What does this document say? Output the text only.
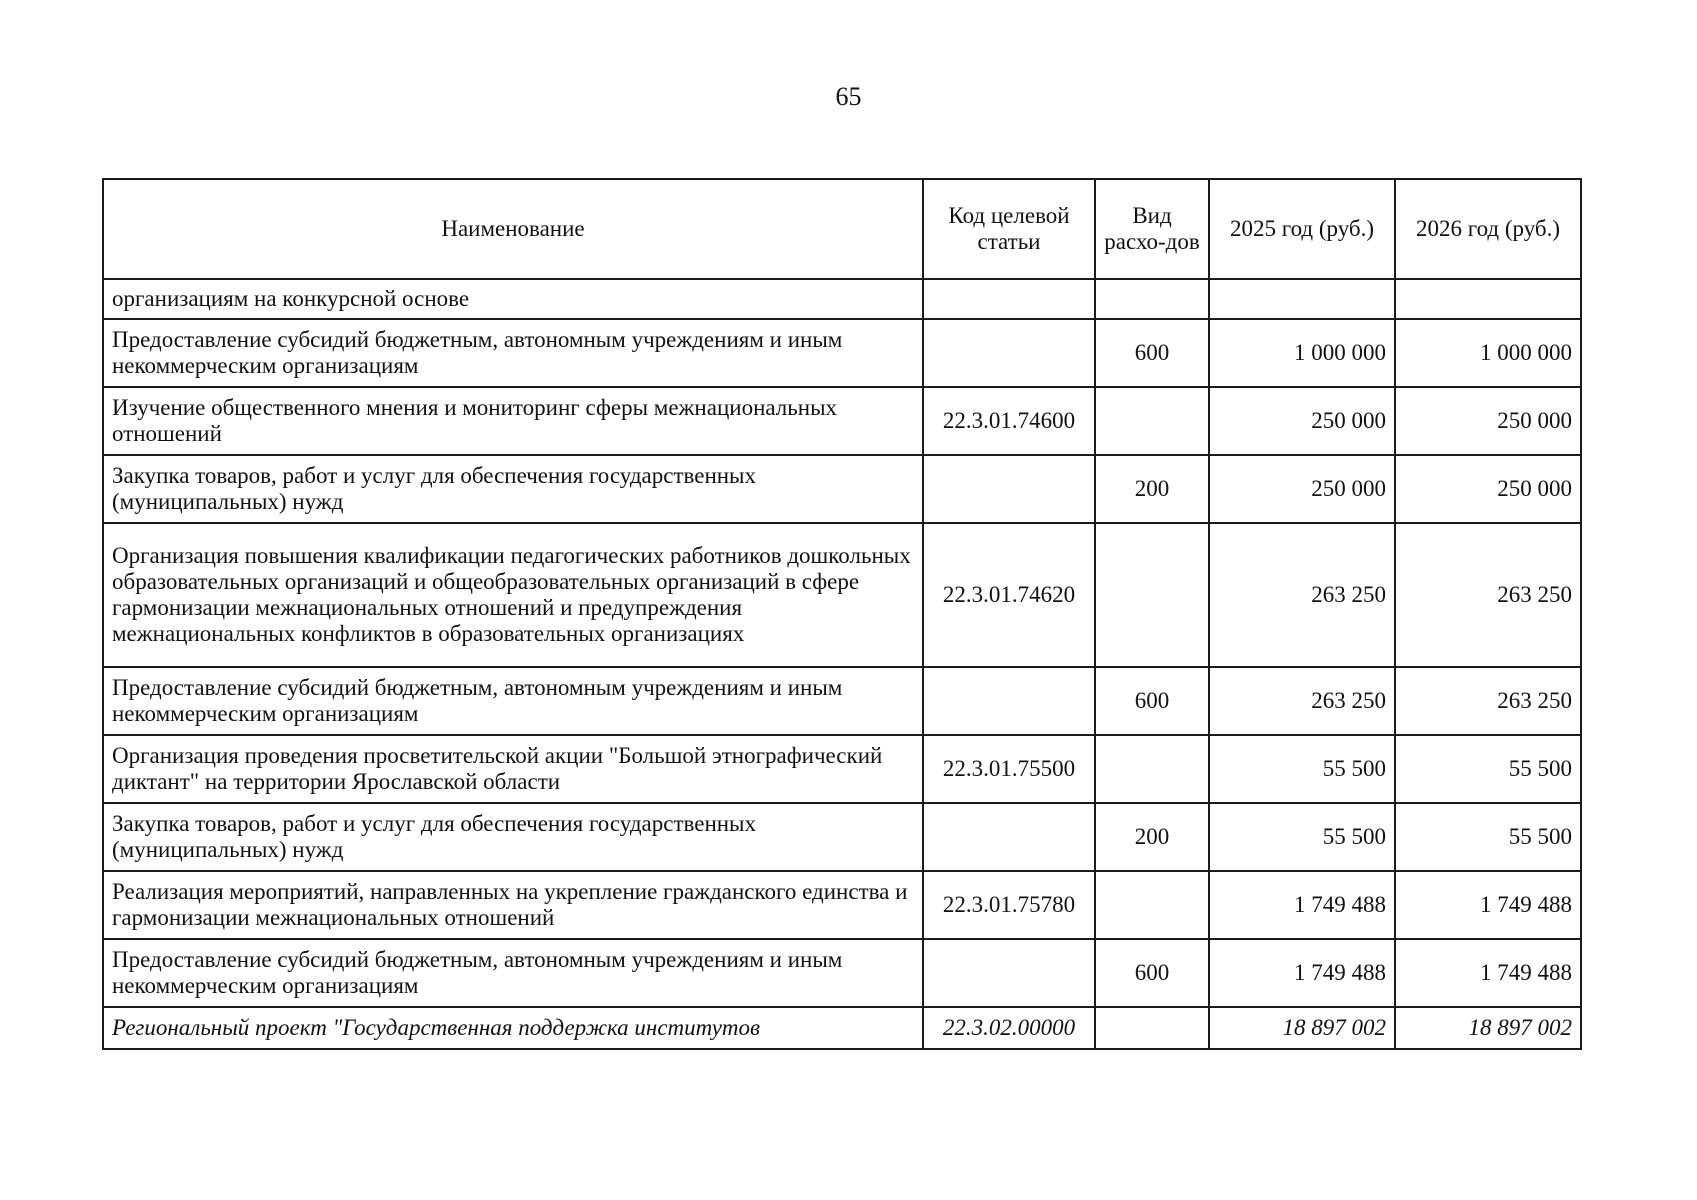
65
Наименование	Код целевой статьи	Вид расхо-дов	2025 год (руб.)	2026 год (руб.)
организациям на конкурсной основе				
Предоставление субсидий бюджетным, автономным учреждениям и иным некоммерческим организациям		600	1 000 000	1 000 000
Изучение общественного мнения и мониторинг сферы межнациональных отношений	22.3.01.74600		250 000	250 000
Закупка товаров, работ и услуг для обеспечения государственных (муниципальных) нужд		200	250 000	250 000
Организация повышения квалификации педагогических работников дошкольных образовательных организаций и общеобразовательных организаций в сфере гармонизации межнациональных отношений и предупреждения межнациональных конфликтов в образовательных организациях	22.3.01.74620		263 250	263 250
Предоставление субсидий бюджетным, автономным учреждениям и иным некоммерческим организациям		600	263 250	263 250
Организация проведения просветительской акции "Большой этнографический диктант" на территории Ярославской области	22.3.01.75500		55 500	55 500
Закупка товаров, работ и услуг для обеспечения государственных (муниципальных) нужд		200	55 500	55 500
Реализация мероприятий, направленных на укрепление гражданского единства и гармонизации межнациональных отношений	22.3.01.75780		1 749 488	1 749 488
Предоставление субсидий бюджетным, автономным учреждениям и иным некоммерческим организациям		600	1 749 488	1 749 488
Региональный проект "Государственная поддержка институтов	22.3.02.00000		18 897 002	18 897 002
